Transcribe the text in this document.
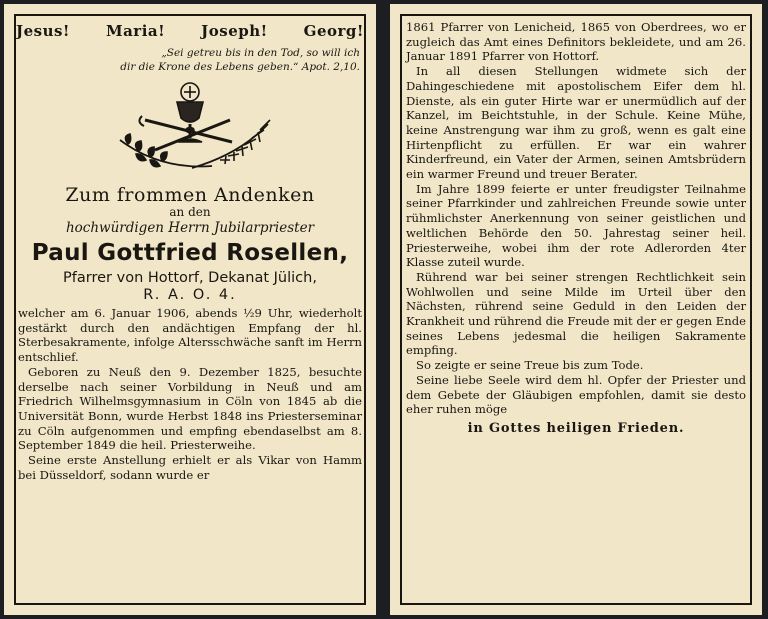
Jesus! Maria! Joseph! Georg!
„Sei getreu bis in den Tod, so will ich
dir die Krone des Lebens geben.“ Apot. 2,10.
Zum frommen Andenken
an den
hochwürdigen Herrn Jubilarpriester
Paul Gottfried Rosellen,
Pfarrer von Hottorf, Dekanat Jülich,
R. A. O. 4.

welcher am 6. Januar 1906, abends ½9 Uhr, wiederholt gestärkt durch den andächtigen Empfang der hl. Sterbesakramente, infolge Altersschwäche sanft im Herrn entschlief.

Geboren zu Neuß den 9. Dezember 1825, besuchte derselbe nach seiner Vorbildung in Neuß und am Friedrich Wilhelmsgymnasium in Cöln von 1845 ab die Universität Bonn, wurde Herbst 1848 ins Priesterseminar zu Cöln aufgenommen und empfing ebendaselbst am 8. September 1849 die heil. Priesterweihe.

Seine erste Anstellung erhielt er als Vikar von Hamm bei Düsseldorf, sodann wurde er

1861 Pfarrer von Lenicheid, 1865 von Oberdrees, wo er zugleich das Amt eines Definitors bekleidete, und am 26. Januar 1891 Pfarrer von Hottorf.

In all diesen Stellungen widmete sich der Dahingeschiedene mit apostolischem Eifer dem hl. Dienste, als ein guter Hirte war er unermüdlich auf der Kanzel, im Beichtstuhle, in der Schule. Keine Mühe, keine Anstrengung war ihm zu groß, wenn es galt eine Hirtenpflicht zu erfüllen. Er war ein wahrer Kinderfreund, ein Vater der Armen, seinen Amtsbrüdern ein warmer Freund und treuer Berater.

Im Jahre 1899 feierte er unter freudigster Teilnahme seiner Pfarrkinder und zahlreichen Freunde sowie unter rühmlichster Anerkennung von seiner geistlichen und weltlichen Behörde den 50. Jahrestag seiner heil. Priesterweihe, wobei ihm der rote Adlerorden 4ter Klasse zuteil wurde.

Rührend war bei seiner strengen Rechtlichkeit sein Wohlwollen und seine Milde im Urteil über den Nächsten, rührend seine Geduld in den Leiden der Krankheit und rührend die Freude mit der er gegen Ende seines Lebens jedesmal die heiligen Sakramente empfing.

So zeigte er seine Treue bis zum Tode.

Seine liebe Seele wird dem hl. Opfer der Priester und dem Gebete der Gläubigen empfohlen, damit sie desto eher ruhen möge

in Gottes heiligen Frieden.
